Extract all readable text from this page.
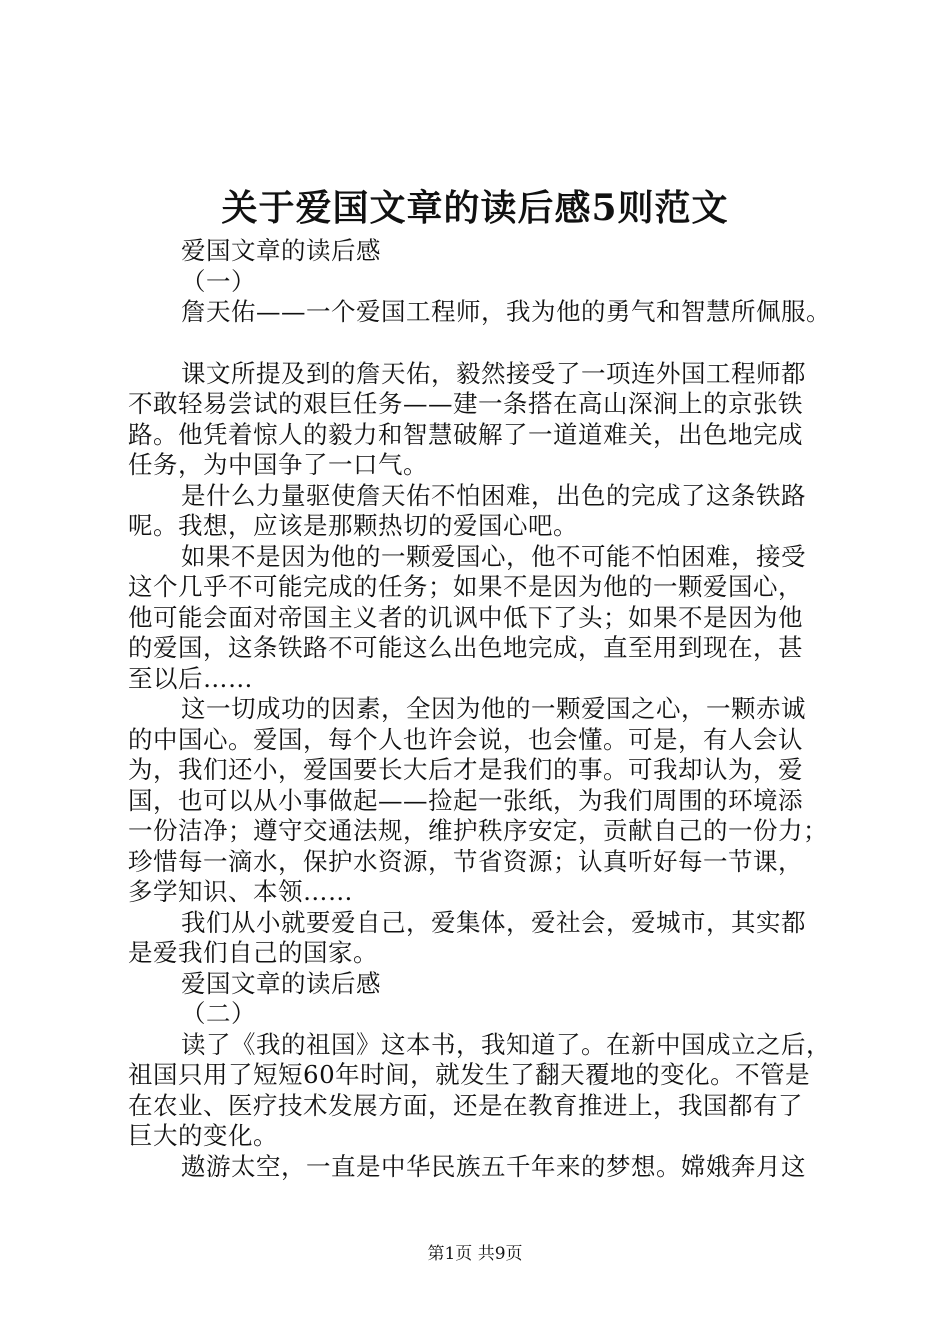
关于爱国文章的读后感5则范文
爱国文章的读后感
（一）
詹天佑——一个爱国工程师，我为他的勇气和智慧所佩服。
课文所提及到的詹天佑，毅然接受了一项连外国工程师都
不敢轻易尝试的艰巨任务——建一条搭在高山深涧上的京张铁
路。他凭着惊人的毅力和智慧破解了一道道难关，出色地完成
任务，为中国争了一口气。
是什么力量驱使詹天佑不怕困难，出色的完成了这条铁路
呢。我想，应该是那颗热切的爱国心吧。
如果不是因为他的一颗爱国心，他不可能不怕困难，接受
这个几乎不可能完成的任务；如果不是因为他的一颗爱国心，
他可能会面对帝国主义者的讥讽中低下了头；如果不是因为他
的爱国，这条铁路不可能这么出色地完成，直至用到现在，甚
至以后……
这一切成功的因素，全因为他的一颗爱国之心，一颗赤诚
的中国心。爱国，每个人也许会说，也会懂。可是，有人会认
为，我们还小，爱国要长大后才是我们的事。可我却认为，爱
国，也可以从小事做起——捡起一张纸，为我们周围的环境添
一份洁净；遵守交通法规，维护秩序安定，贡献自己的一份力；
珍惜每一滴水，保护水资源，节省资源；认真听好每一节课，
多学知识、本领……
我们从小就要爱自己，爱集体，爱社会，爱城市，其实都
是爱我们自己的国家。
爱国文章的读后感
（二）
读了《我的祖国》这本书，我知道了。在新中国成立之后，
祖国只用了短短60年时间，就发生了翻天覆地的变化。不管是
在农业、医疗技术发展方面，还是在教育推进上，我国都有了
巨大的变化。
遨游太空，一直是中华民族五千年来的梦想。嫦娥奔月这
第1页 共9页
